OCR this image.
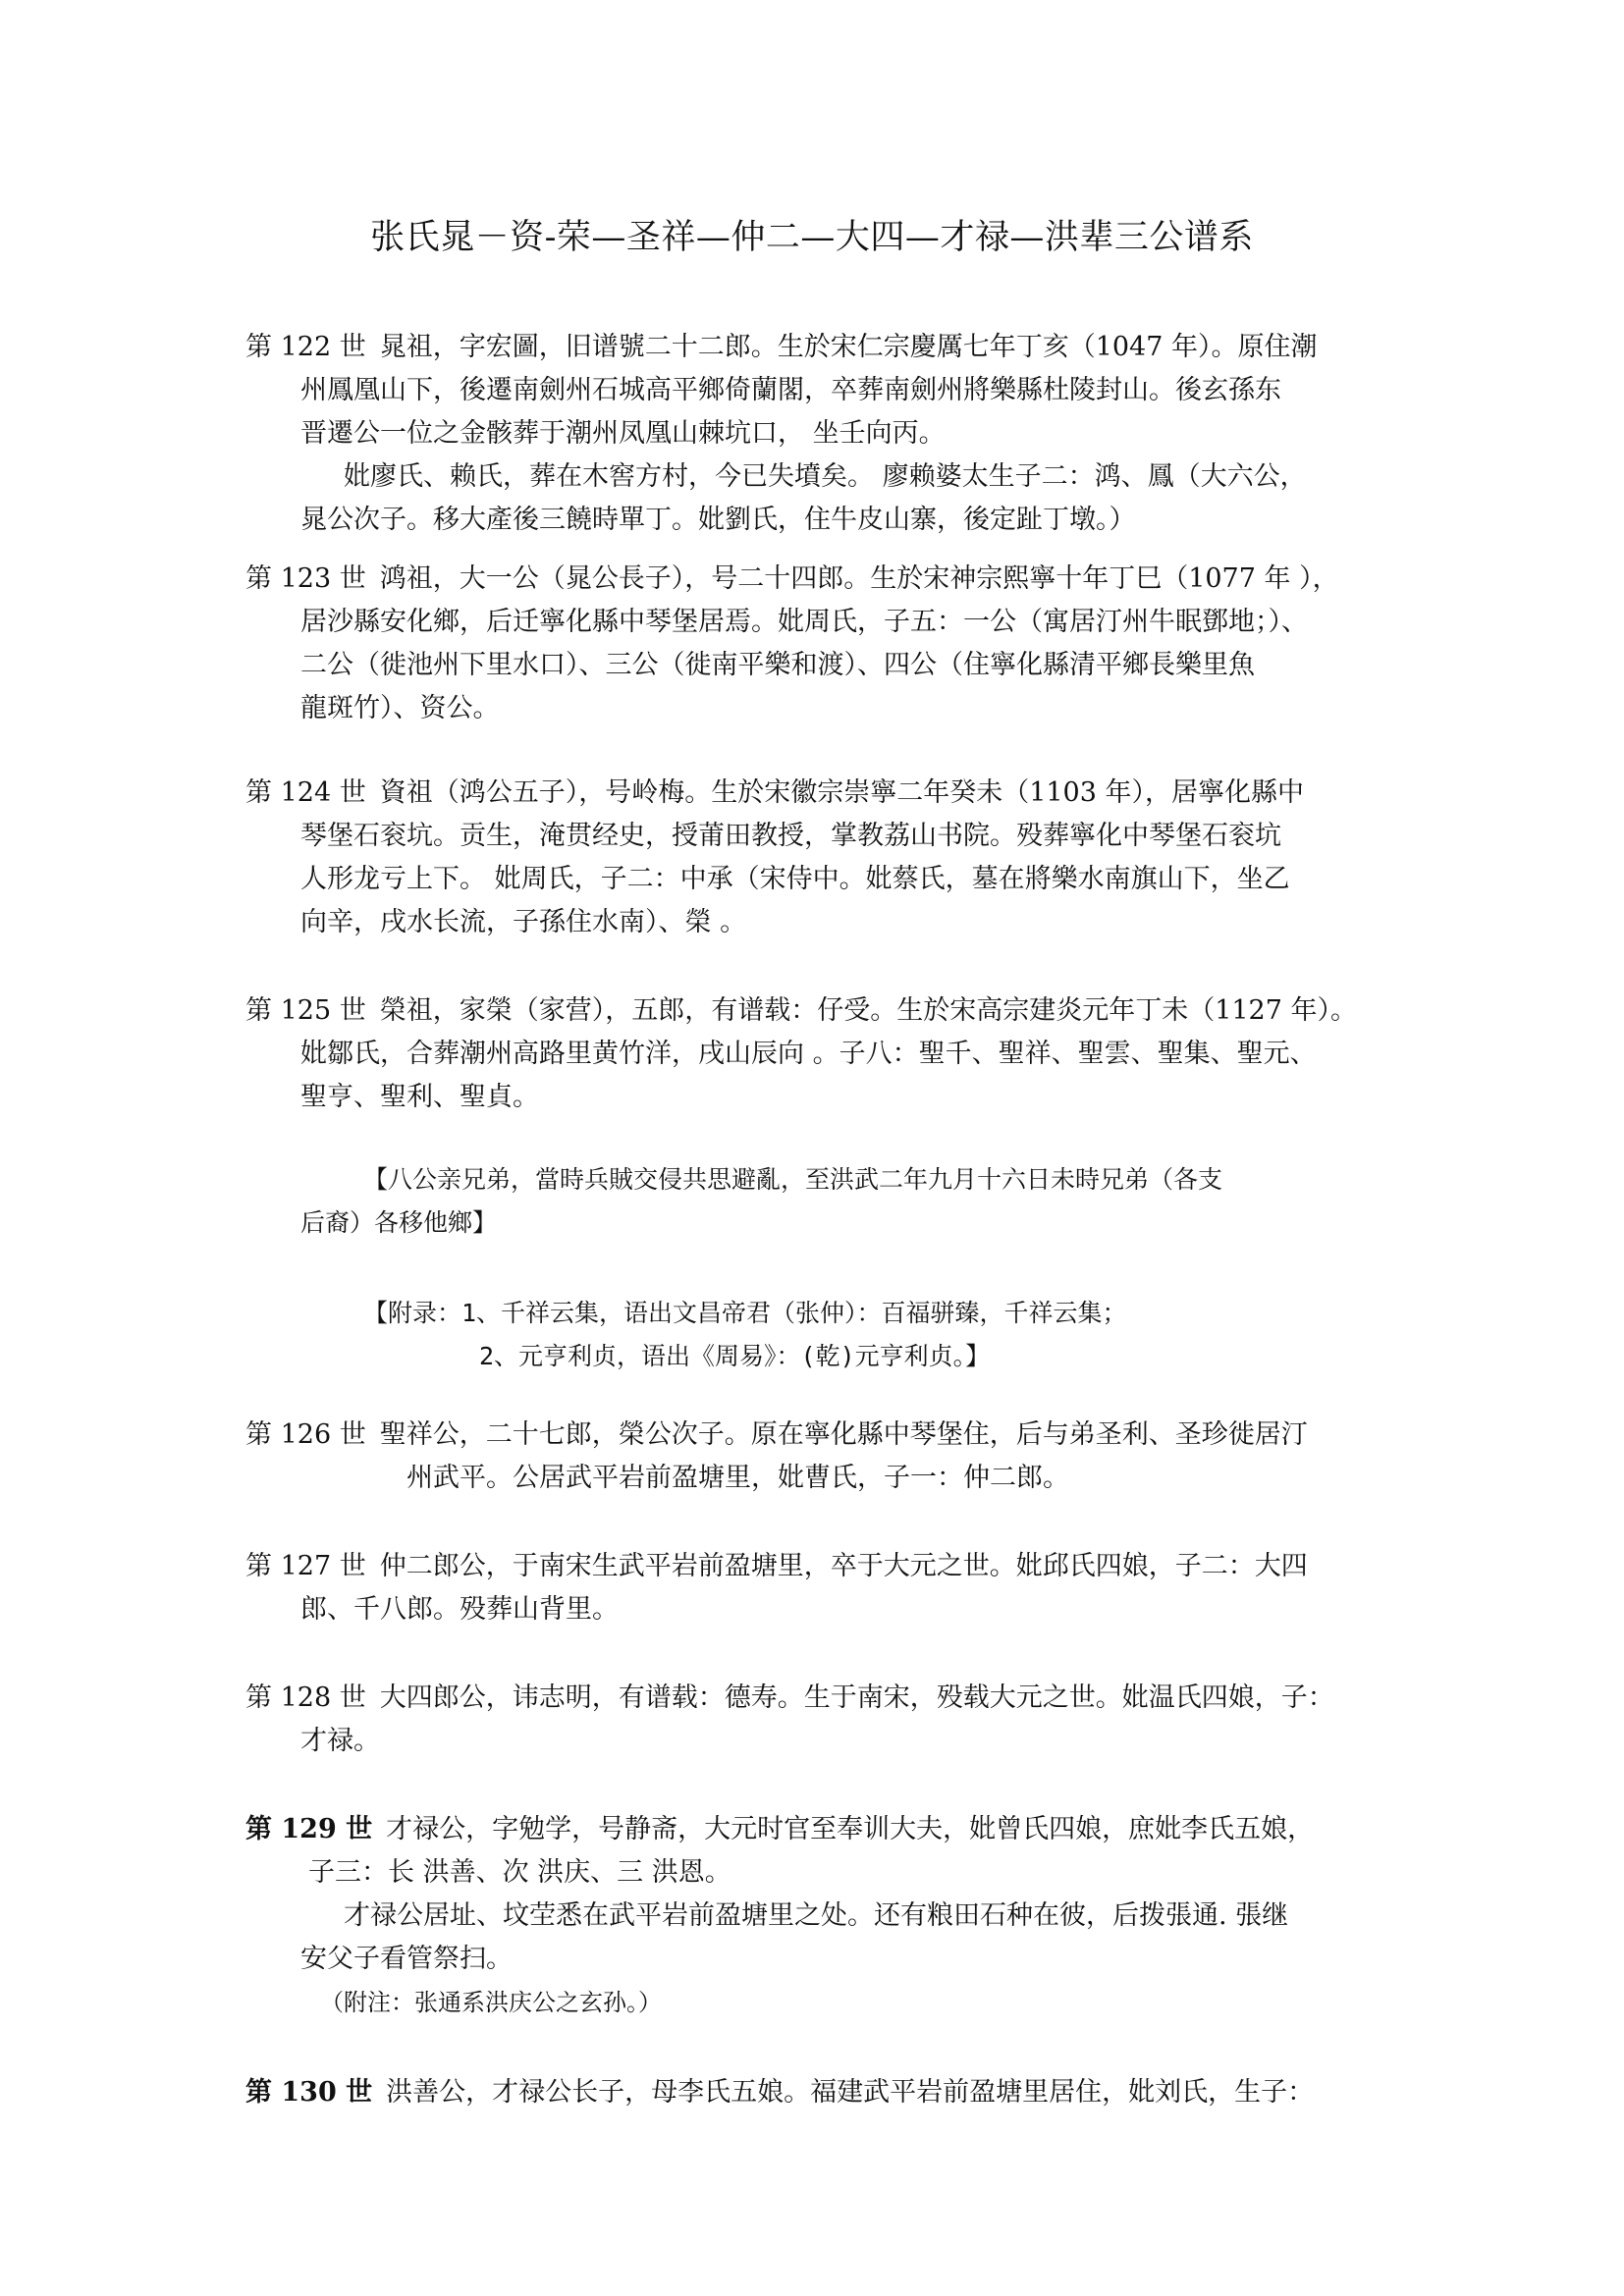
张氏晁－资-荣—圣祥—仲二—大四—才禄—洪辈三公谱系

第 122 世 晁祖，字宏圖，旧谱號二十二郎。生於宋仁宗慶厲七年丁亥（1047 年）。原住潮

州鳳凰山下，後遷南劍州石城高平鄉倚蘭閣，卒葬南劍州將樂縣杜陵封山。後玄孫东

晋遷公一位之金骸葬于潮州凤凰山棘坑口， 坐壬向丙。

妣廖氏、赖氏，葬在木窖方村，今已失墳矣。 廖赖婆太生子二：鸿、鳳（大六公，

晁公次子。移大產後三饒時單丁。妣劉氏，住牛皮山寨，後定趾丁墩。）

第 123 世 鸿祖，大一公（晁公長子），号二十四郎。生於宋神宗熙寧十年丁巳（1077 年 ），

居沙縣安化鄉，后迁寧化縣中琴堡居焉。妣周氏，子五：一公（寓居汀州牛眠鄧地；）、

二公（徙池州下里水口）、三公（徙南平樂和渡）、四公（住寧化縣清平鄉長樂里魚

龍斑竹）、资公。

第 124 世 資祖（鸿公五子），号岭梅。生於宋徽宗崇寧二年癸未（1103 年），居寧化縣中

琴堡石衮坑。贡生，淹贯经史，授莆田教授，掌教荔山书院。殁葬寧化中琴堡石衮坑

人形龙亏上下。 妣周氏，子二：中承（宋侍中。妣蔡氏，墓在將樂水南旗山下，坐乙

向辛，戌水长流，子孫住水南）、榮 。

第 125 世 榮祖，家榮（家营），五郎，有谱载：仔受。生於宋高宗建炎元年丁未（1127 年）。

妣鄒氏，合葬潮州高路里黄竹洋，戌山辰向 。子八：聖千、聖祥、聖雲、聖集、聖元、

聖亨、聖利、聖貞。

【八公亲兄弟，當時兵賊交侵共思避亂，至洪武二年九月十六日未時兄弟（各支
后裔）各移他鄉】
【附录：1、千祥云集，语出文昌帝君（张仲）：百福骈臻，千祥云集；
2、元亨利贞，语出《周易》：(乾)元亨利贞。】

第 126 世 聖祥公，二十七郎，榮公次子。原在寧化縣中琴堡住，后与弟圣利、圣珍徙居汀

州武平。公居武平岩前盈塘里，妣曹氏，子一：仲二郎。

第 127 世 仲二郎公，于南宋生武平岩前盈塘里，卒于大元之世。妣邱氏四娘，子二：大四

郎、千八郎。殁葬山背里。

第 128 世 大四郎公，讳志明，有谱载：德寿。生于南宋，殁载大元之世。妣温氏四娘，子：

才禄。

第 129 世 才禄公，字勉学，号静斋，大元时官至奉训大夫，妣曾氏四娘，庶妣李氏五娘，

子三：长 洪善、次 洪庆、三 洪恩。

才禄公居址、坟茔悉在武平岩前盈塘里之处。还有粮田石种在彼，后拨張通. 張继

安父子看管祭扫。

（附注：张通系洪庆公之玄孙。）

第 130 世 洪善公，才禄公长子，母李氏五娘。福建武平岩前盈塘里居住，妣刘氏，生子：
